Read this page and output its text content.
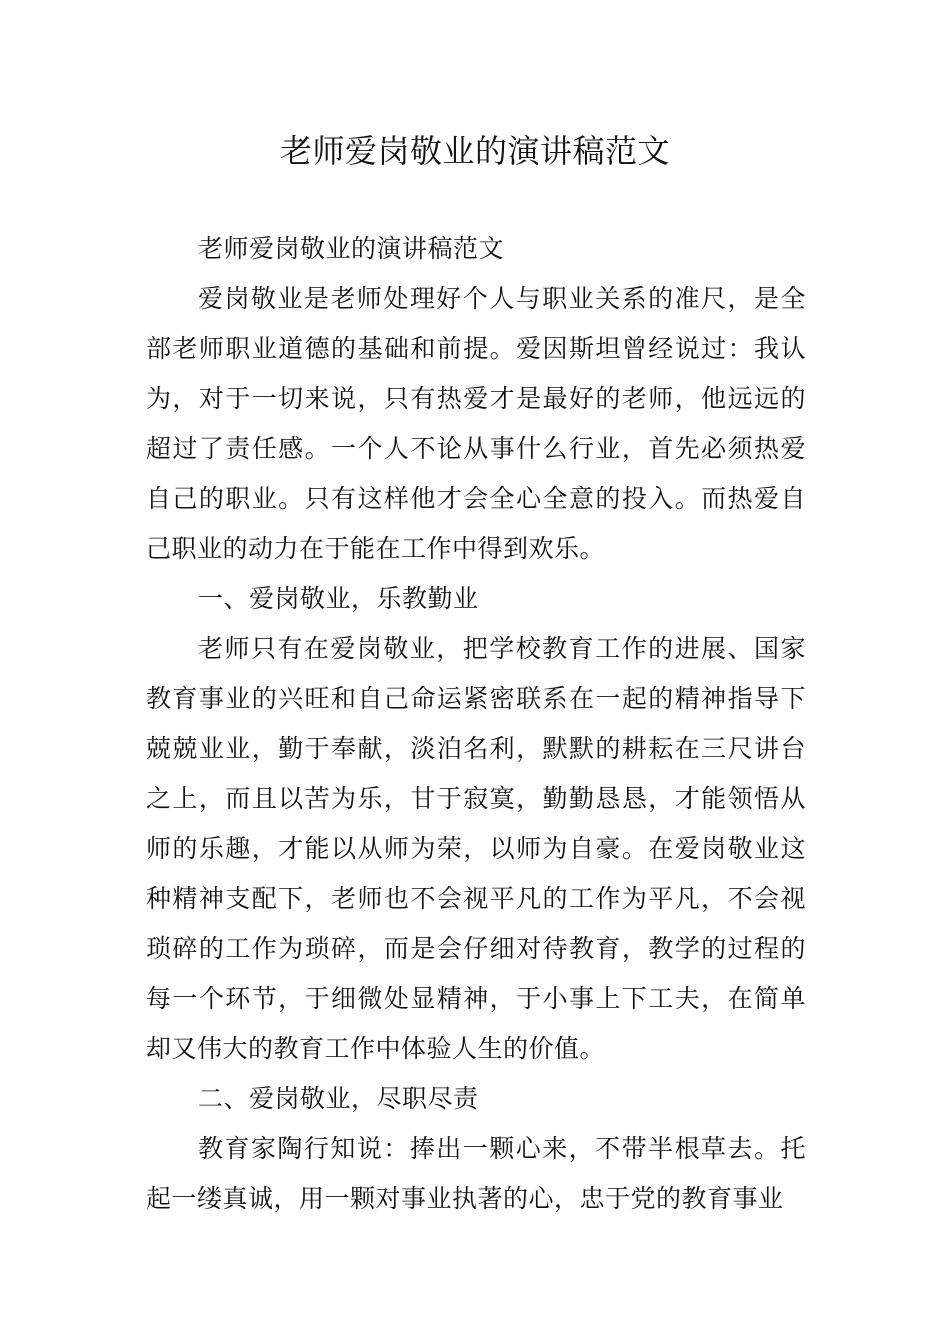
老师爱岗敬业的演讲稿范文

老师爱岗敬业的演讲稿范文

爱岗敬业是老师处理好个人与职业关系的准尺，是全部老师职业道德的基础和前提。爱因斯坦曾经说过：我认为，对于一切来说，只有热爱才是最好的老师，他远远的超过了责任感。一个人不论从事什么行业，首先必须热爱自己的职业。只有这样他才会全心全意的投入。而热爱自己职业的动力在于能在工作中得到欢乐。

一、爱岗敬业，乐教勤业

老师只有在爱岗敬业，把学校教育工作的进展、国家教育事业的兴旺和自己命运紧密联系在一起的精神指导下兢兢业业，勤于奉献，淡泊名利，默默的耕耘在三尺讲台之上，而且以苦为乐，甘于寂寞，勤勤恳恳，才能领悟从师的乐趣，才能以从师为荣，以师为自豪。在爱岗敬业这种精神支配下，老师也不会视平凡的工作为平凡，不会视琐碎的工作为琐碎，而是会仔细对待教育，教学的过程的每一个环节，于细微处显精神，于小事上下工夫，在简单却又伟大的教育工作中体验人生的价值。

二、爱岗敬业，尽职尽责

教育家陶行知说：捧出一颗心来，不带半根草去。托起一缕真诚，用一颗对事业执著的心，忠于党的教育事业
